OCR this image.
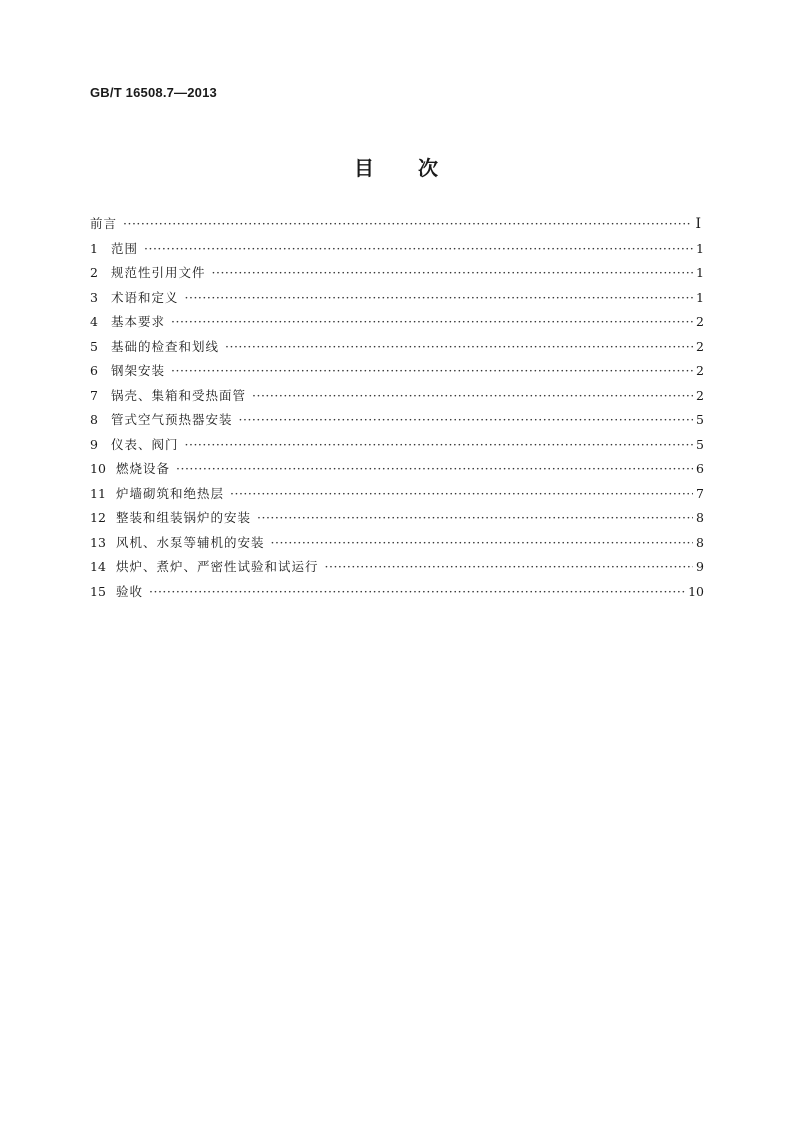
GB/T 16508.7—2013
目 次
前言 ·····	I
1	范围 ·····	1
2	规范性引用文件 ·····	1
3	术语和定义 ·····	1
4	基本要求 ·····	2
5	基础的检查和划线 ·····	2
6	钢架安装 ·····	2
7	锅壳、集箱和受热面管 ·····	2
8	管式空气预热器安装 ·····	5
9	仪表、阀门 ·····	5
10 燃烧设备 ·····	6
11 炉墙砌筑和绝热层 ·····	7
12 整装和组装锅炉的安装 ·····	8
13 风机、水泵等辅机的安装 ·····	8
14 烘炉、煮炉、严密性试验和试运行 ·····	9
15 验收 ·····	10
